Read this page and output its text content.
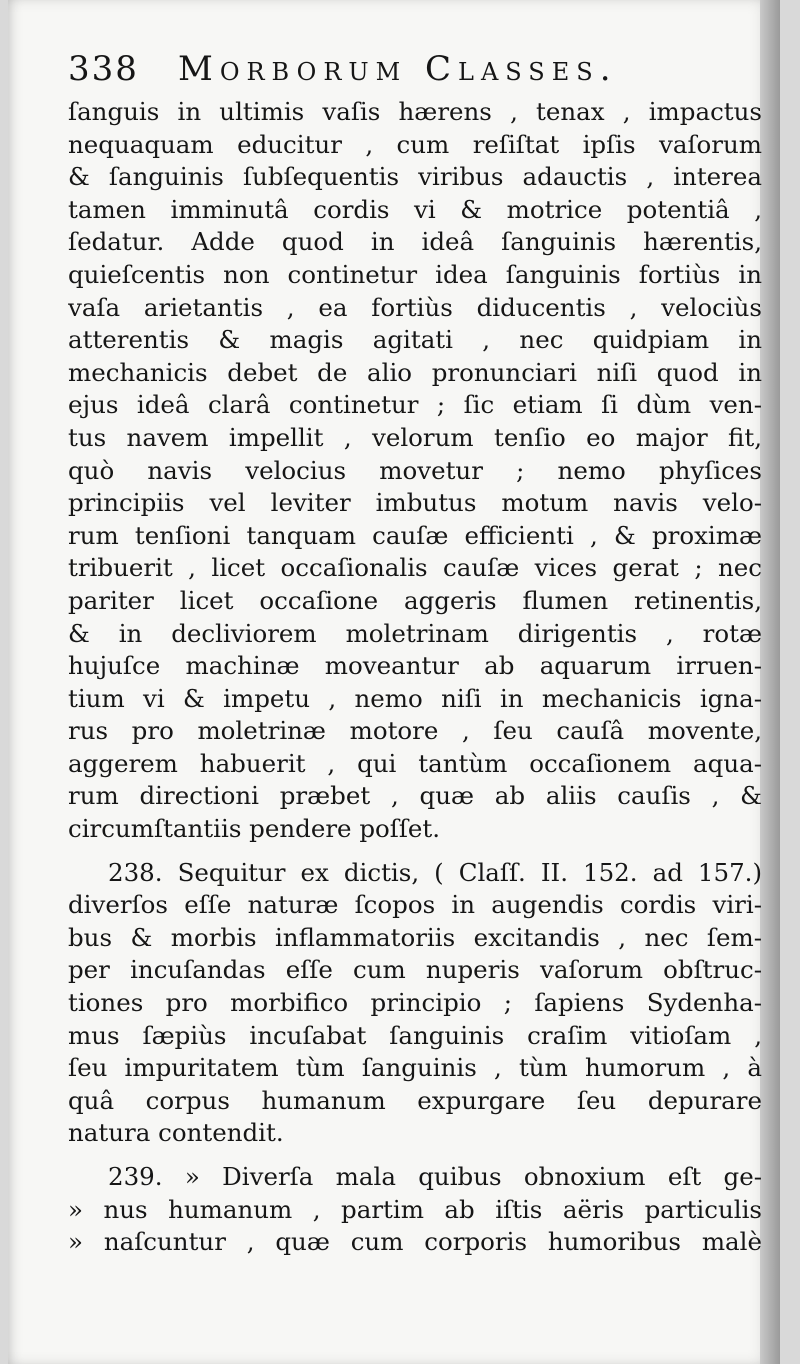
338 Morborum Classes.
ſanguis in ultimis vaſis hærens , tenax , impactus
nequaquam educitur , cum reſiſtat ipſis vaſorum
& ſanguinis ſubſequentis viribus adauctis , interea
tamen imminutâ cordis vi & motrice potentiâ ,
ſedatur. Adde quod in ideâ ſanguinis hærentis,
quieſcentis non continetur idea ſanguinis fortiùs in
vaſa arietantis , ea fortiùs diducentis , velociùs
atterentis & magis agitati , nec quidpiam in
mechanicis debet de alio pronunciari niſi quod in
ejus ideâ clarâ continetur ; ſic etiam ſi dùm ven-
tus navem impellit , velorum tenſio eo major fit,
quò navis velocius movetur ; nemo phyſices
principiis vel leviter imbutus motum navis velo-
rum tenſioni tanquam cauſæ efficienti , & proximæ
tribuerit , licet occaſionalis cauſæ vices gerat ; nec
pariter licet occaſione aggeris flumen retinentis,
& in decliviorem moletrinam dirigentis , rotæ
hujuſce machinæ moveantur ab aquarum irruen-
tium vi & impetu , nemo niſi in mechanicis igna-
rus pro moletrinæ motore , ſeu cauſâ movente,
aggerem habuerit , qui tantùm occaſionem aqua-
rum directioni præbet , quæ ab aliis cauſis , &
circumſtantiis pendere poſſet.
238. Sequitur ex dictis, ( Claſſ. II. 152. ad 157.)
diverſos eſſe naturæ ſcopos in augendis cordis viri-
bus & morbis inflammatoriis excitandis , nec ſem-
per incuſandas eſſe cum nuperis vaſorum obſtruc-
tiones pro morbifico principio ; ſapiens Sydenha-
mus ſæpiùs incuſabat ſanguinis craſim vitioſam ,
ſeu impuritatem tùm ſanguinis , tùm humorum , à
quâ corpus humanum expurgare ſeu depurare
natura contendit.
239. » Diverſa mala quibus obnoxium eſt ge-
» nus humanum , partim ab iſtis aëris particulis
» naſcuntur , quæ cum corporis humoribus malè
